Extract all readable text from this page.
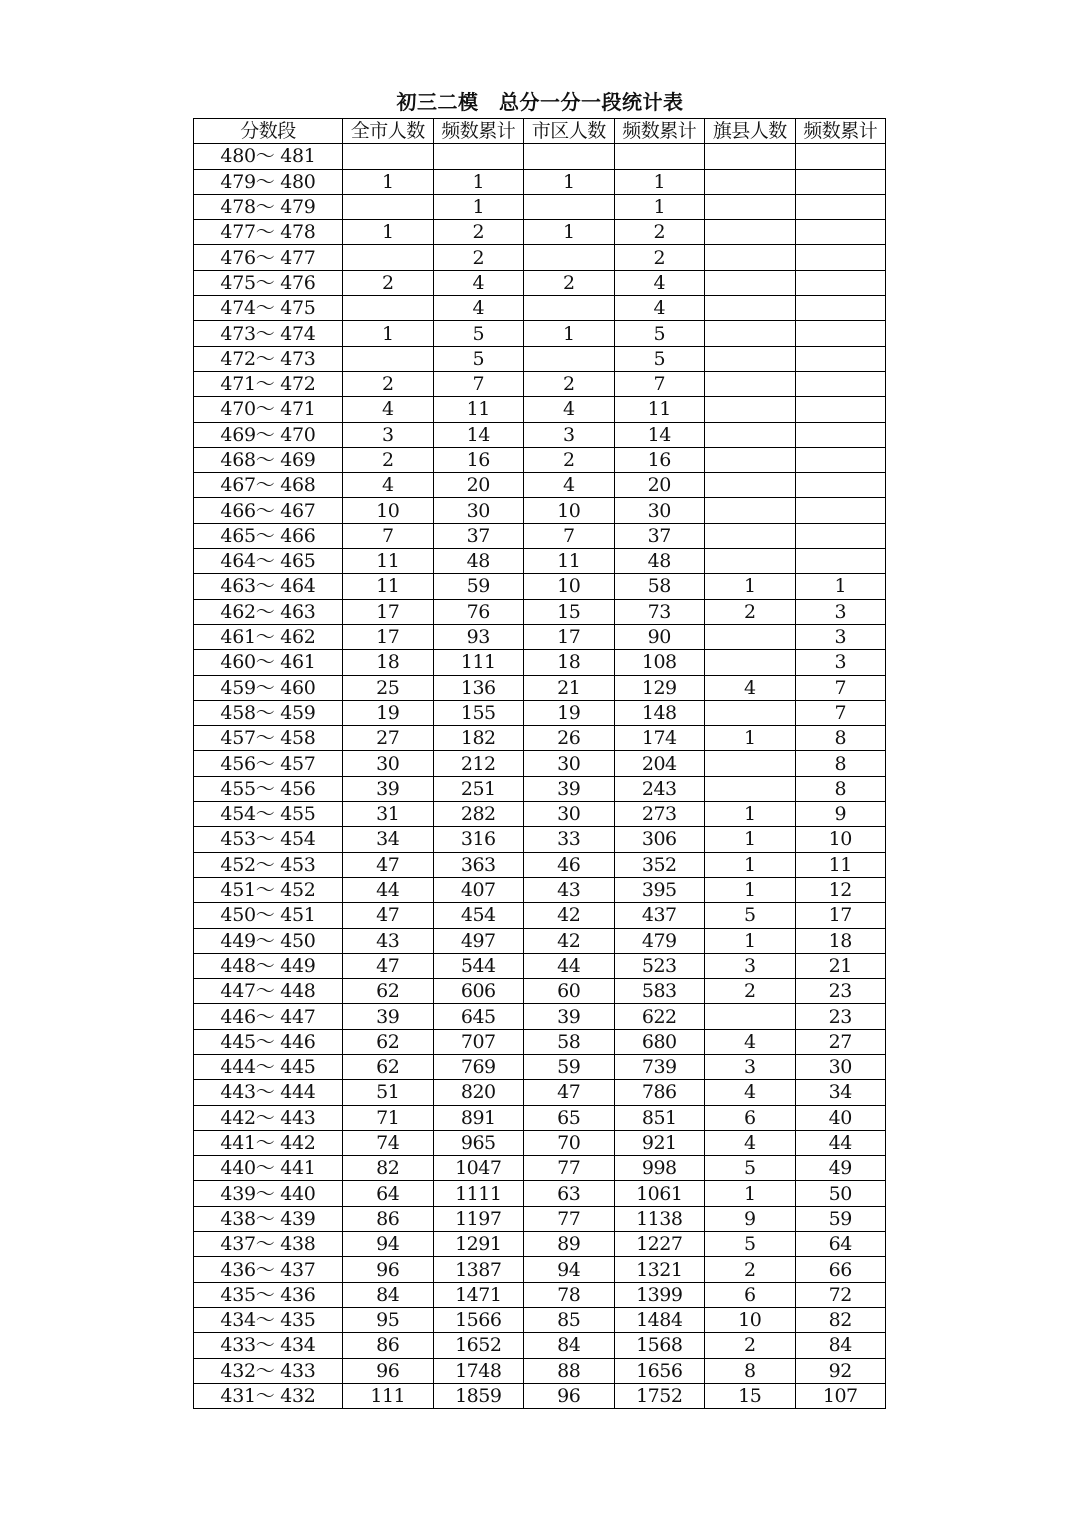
初三二模　总分一分一段统计表
分数段	全市人数	频数累计	市区人数	频数累计	旗县人数	频数累计
480～ 481						
479～ 480	1	1	1	1		
478～ 479		1		1		
477～ 478	1	2	1	2		
476～ 477		2		2		
475～ 476	2	4	2	4		
474～ 475		4		4		
473～ 474	1	5	1	5		
472～ 473		5		5		
471～ 472	2	7	2	7		
470～ 471	4	11	4	11		
469～ 470	3	14	3	14		
468～ 469	2	16	2	16		
467～ 468	4	20	4	20		
466～ 467	10	30	10	30		
465～ 466	7	37	7	37		
464～ 465	11	48	11	48		
463～ 464	11	59	10	58	1	1
462～ 463	17	76	15	73	2	3
461～ 462	17	93	17	90		3
460～ 461	18	111	18	108		3
459～ 460	25	136	21	129	4	7
458～ 459	19	155	19	148		7
457～ 458	27	182	26	174	1	8
456～ 457	30	212	30	204		8
455～ 456	39	251	39	243		8
454～ 455	31	282	30	273	1	9
453～ 454	34	316	33	306	1	10
452～ 453	47	363	46	352	1	11
451～ 452	44	407	43	395	1	12
450～ 451	47	454	42	437	5	17
449～ 450	43	497	42	479	1	18
448～ 449	47	544	44	523	3	21
447～ 448	62	606	60	583	2	23
446～ 447	39	645	39	622		23
445～ 446	62	707	58	680	4	27
444～ 445	62	769	59	739	3	30
443～ 444	51	820	47	786	4	34
442～ 443	71	891	65	851	6	40
441～ 442	74	965	70	921	4	44
440～ 441	82	1047	77	998	5	49
439～ 440	64	1111	63	1061	1	50
438～ 439	86	1197	77	1138	9	59
437～ 438	94	1291	89	1227	5	64
436～ 437	96	1387	94	1321	2	66
435～ 436	84	1471	78	1399	6	72
434～ 435	95	1566	85	1484	10	82
433～ 434	86	1652	84	1568	2	84
432～ 433	96	1748	88	1656	8	92
431～ 432	111	1859	96	1752	15	107
